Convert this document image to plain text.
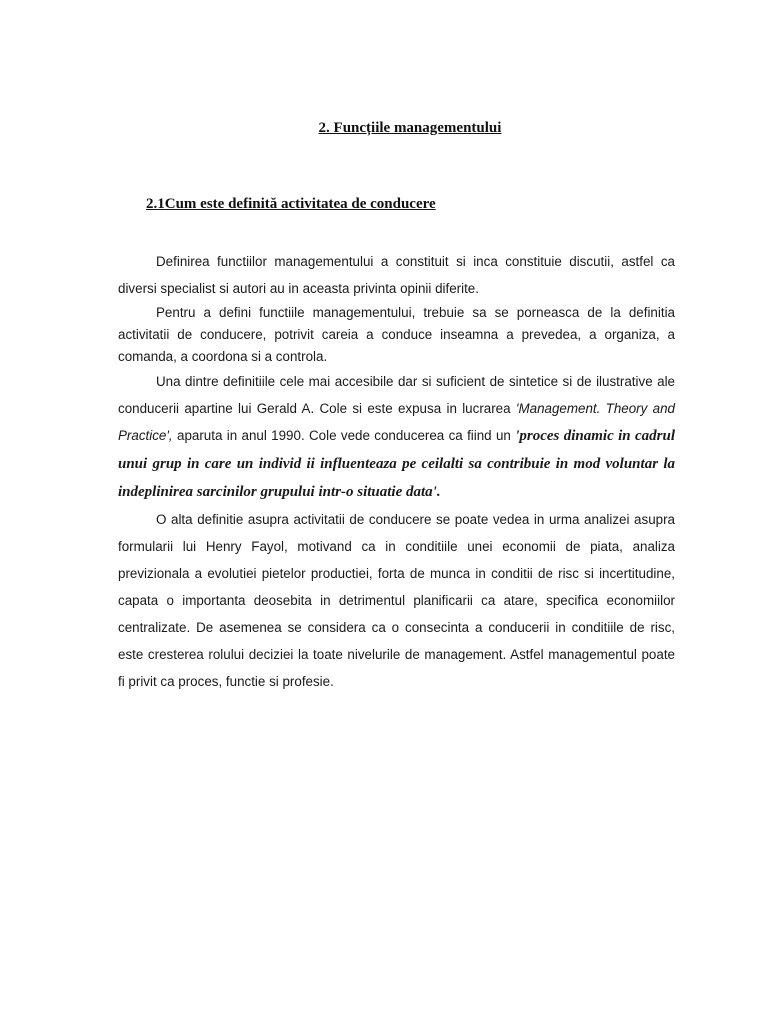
2. Funcțiile managementului
2.1Cum este definită activitatea de conducere

Definirea functiilor managementului a constituit si inca constituie discutii, astfel ca diversi specialist si autori au in aceasta privinta opinii diferite.

Pentru a defini functiile managementului, trebuie sa se porneasca de la definitia activitatii de conducere, potrivit careia a conduce inseamna a prevedea, a organiza, a comanda, a coordona si a controla.

Una dintre definitiile cele mai accesibile dar si suficient de sintetice si de ilustrative ale conducerii apartine lui Gerald A. Cole si este expusa in lucrarea 'Management. Theory and Practice', aparuta in anul 1990. Cole vede conducerea ca fiind un 'proces dinamic in cadrul unui grup in care un individ ii influenteaza pe ceilalti sa contribuie in mod voluntar la indeplinirea sarcinilor grupului intr-o situatie data'.

O alta definitie asupra activitatii de conducere se poate vedea in urma analizei asupra formularii lui Henry Fayol, motivand ca in conditiile unei economii de piata, analiza previzionala a evolutiei pietelor productiei, forta de munca in conditii de risc si incertitudine, capata o importanta deosebita in detrimentul planificarii ca atare, specifica economiilor centralizate. De asemenea se considera ca o consecinta a conducerii in conditiile de risc, este cresterea rolului deciziei la toate nivelurile de management. Astfel managementul poate fi privit ca proces, functie si profesie.
